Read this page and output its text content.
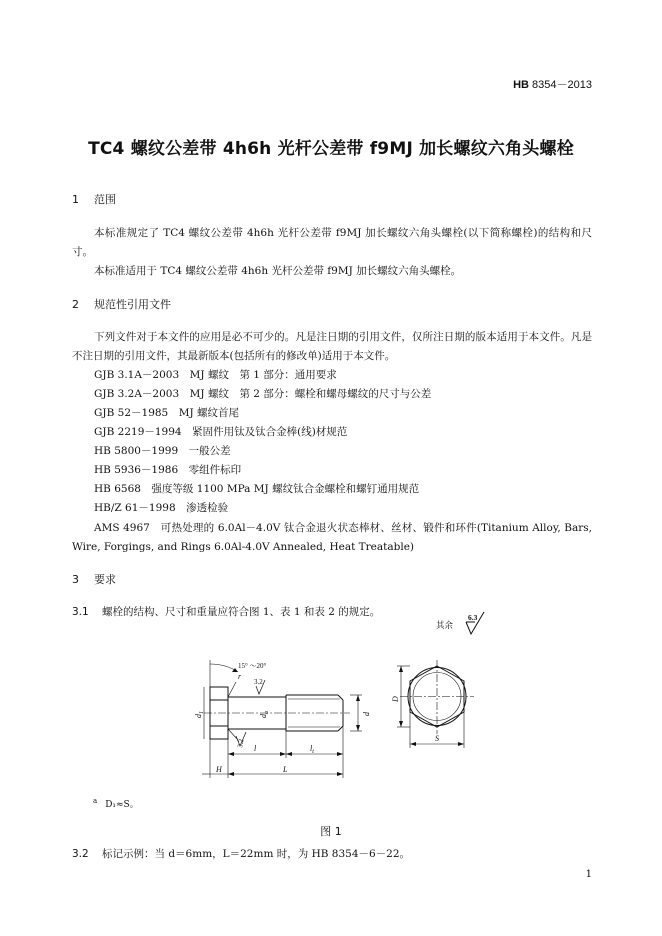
HB 8354－2013
TC4 螺纹公差带 4h6h 光杆公差带 f9MJ 加长螺纹六角头螺栓
1 范围
本标准规定了 TC4 螺纹公差带 4h6h 光杆公差带 f9MJ 加长螺纹六角头螺栓(以下简称螺栓)的结构和尺寸。
本标准适用于 TC4 螺纹公差带 4h6h 光杆公差带 f9MJ 加长螺纹六角头螺栓。
2 规范性引用文件
下列文件对于本文件的应用是必不可少的。凡是注日期的引用文件，仅所注日期的版本适用于本文件。凡是不注日期的引用文件，其最新版本(包括所有的修改单)适用于本文件。
GJB 3.1A－2003　MJ 螺纹　第 1 部分：通用要求
GJB 3.2A－2003　MJ 螺纹　第 2 部分：螺栓和螺母螺纹的尺寸与公差
GJB 52－1985　MJ 螺纹首尾
GJB 2219－1994　紧固件用钛及钛合金棒(线)材规范
HB 5800－1999　一般公差
HB 5936－1986　零组件标印
HB 6568　强度等级 1100 MPa MJ 螺纹钛合金螺栓和螺钉通用规范
HB/Z 61－1998　渗透检验
AMS 4967　可热处理的 6.0Al－4.0V 钛合金退火状态棒材、丝材、锻件和环件(Titanium Alloy, Bars, Wire, Forgings, and Rings 6.0Al-4.0V Annealed, Heat Treatable)
3 要求
3.1 螺栓的结构、尺寸和重量应符合图 1、表 1 和表 2 的规定。
其余
6.3
15° ～20°
r
3.2
3.2
$d_1$
$d_a$	d
l	$l_t$
H	L
D
S
$^a$ D₁≈S。
图 1
3.2 标记示例：当 d＝6mm，L＝22mm 时，为 HB 8354－6－22。
1
